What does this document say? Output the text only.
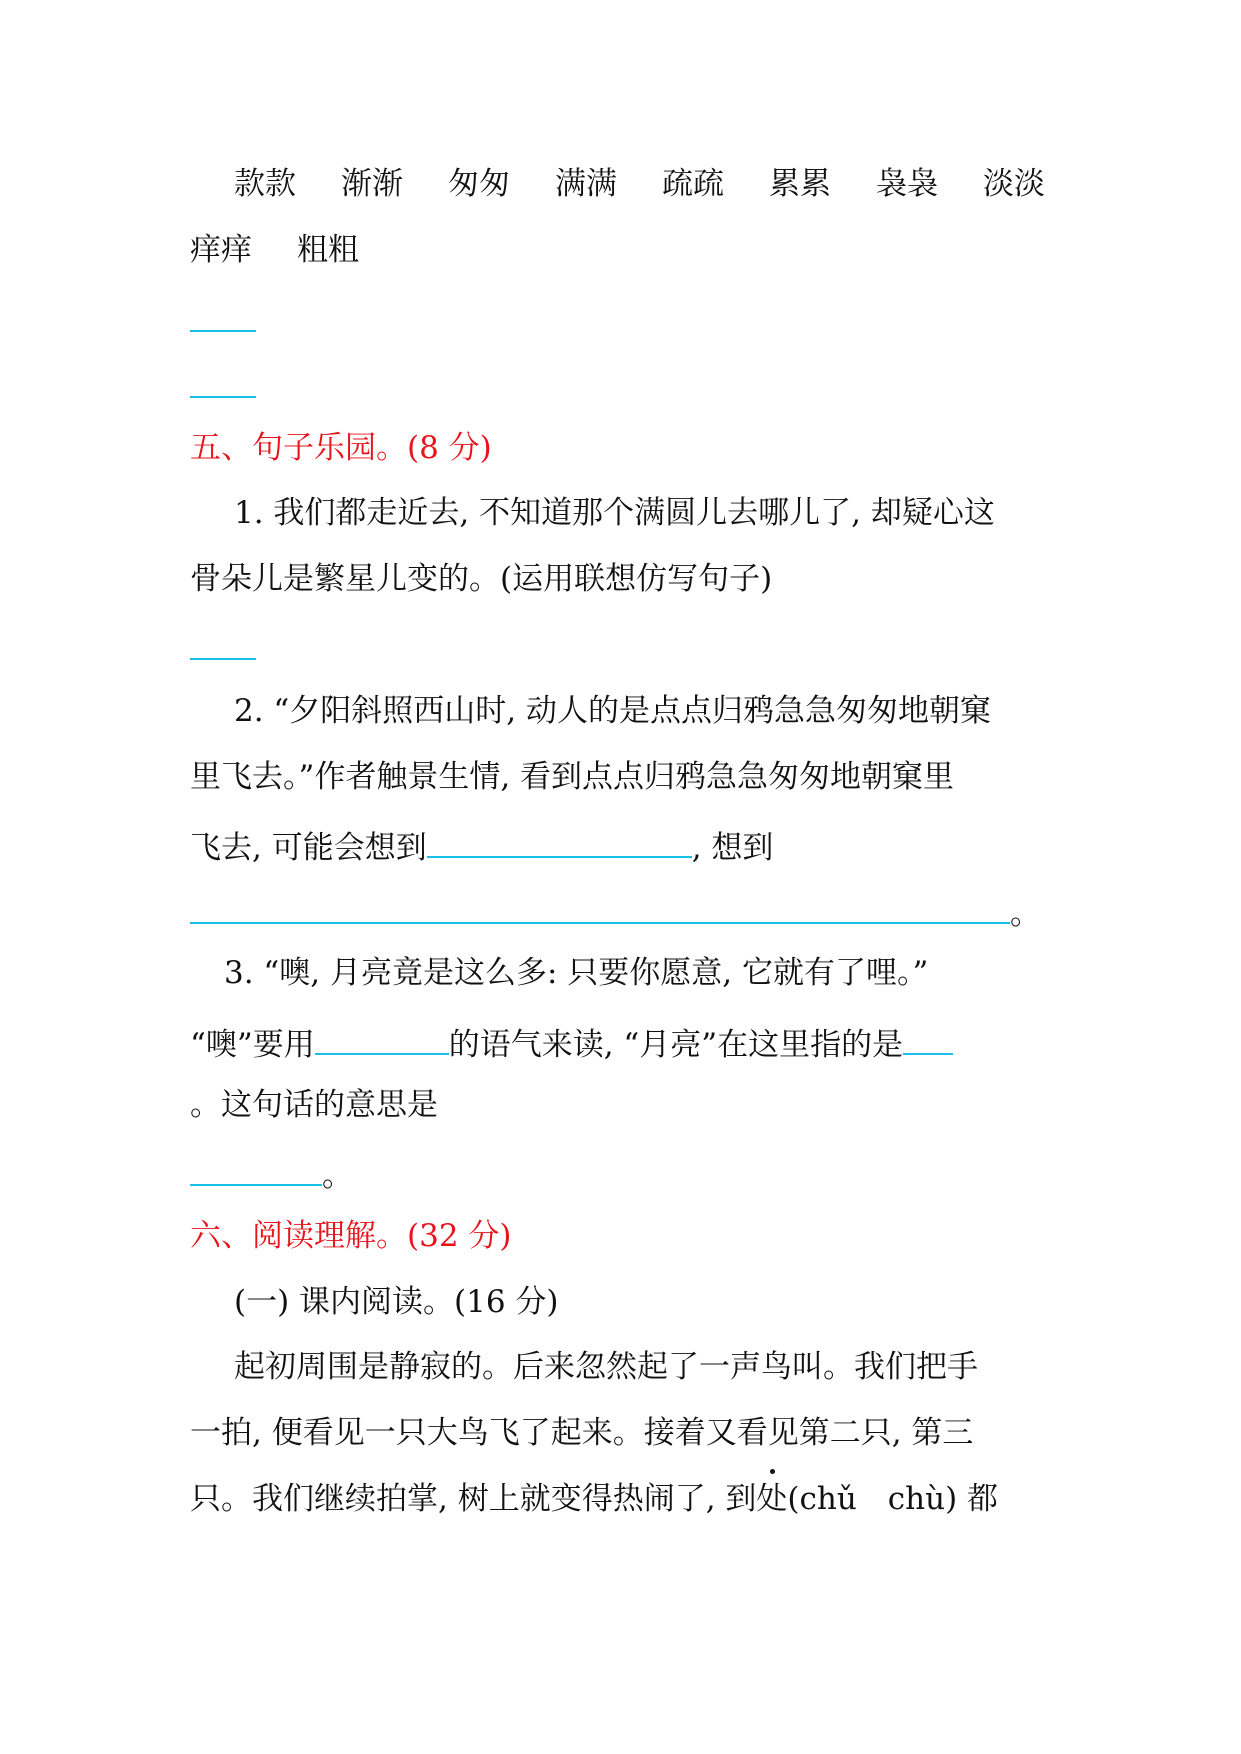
款款 渐渐 匆匆 满满 疏疏 累累 袅袅 淡淡
痒痒 粗粗
五、句子乐园。(8 分)
1. 我们都走近去, 不知道那个满圆儿去哪儿了, 却疑心这
骨朵儿是繁星儿变的。(运用联想仿写句子)
2. “夕阳斜照西山时, 动人的是点点归鸦急急匆匆地朝窠
里飞去。”作者触景生情, 看到点点归鸦急急匆匆地朝窠里
飞去, 可能会想到	, 想到
。
3. “噢, 月亮竟是这么多: 只要你愿意, 它就有了哩。”
“噢”要用	的语气来读, “月亮”在这里指的是
。这句话的意思是
。
六、阅读理解。(32 分)
(一) 课内阅读。(16 分)
起初周围是静寂的。后来忽然起了一声鸟叫。我们把手
一拍, 便看见一只大鸟飞了起来。接着又看见第二只, 第三
只。我们继续拍掌, 树上就变得热闹了, 到处(chǔ　chù) 都
